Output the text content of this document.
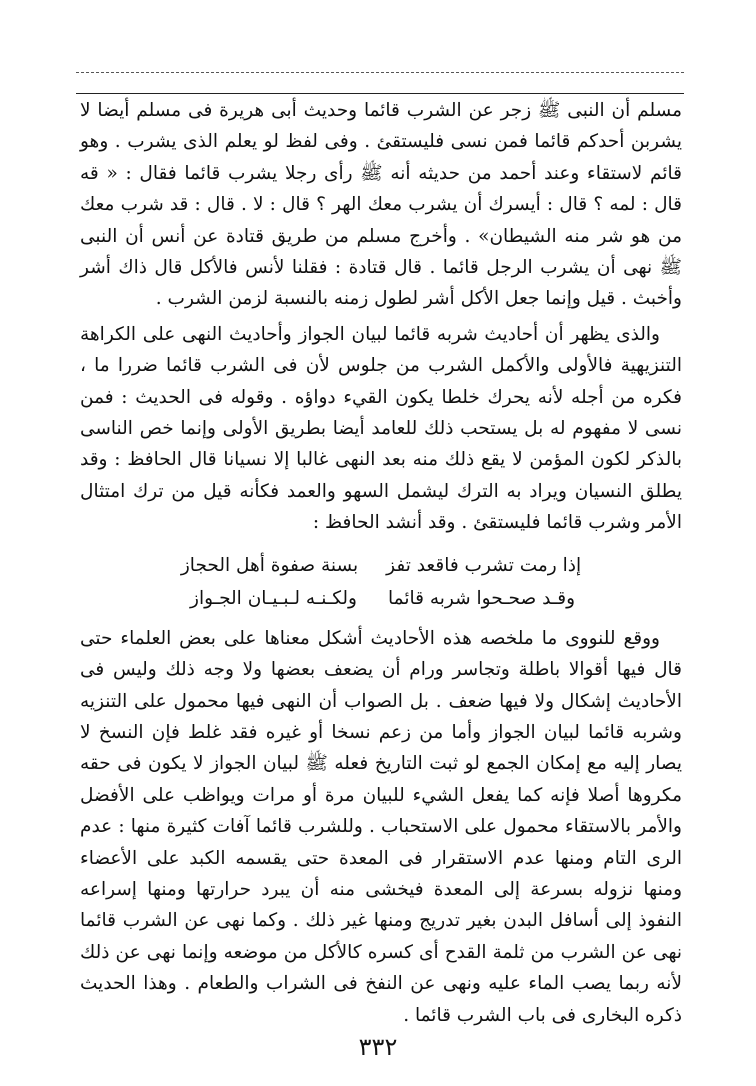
مسلم أن النبى ﷺ زجر عن الشرب قائما وحديث أبى هريرة فى مسلم أيضا لا يشربن أحدكم قائما فمن نسى فليستقئ . وفى لفظ لو يعلم الذى يشرب . وهو قائم لاستقاء وعند أحمد من حديثه أنه ﷺ رأى رجلا يشرب قائما فقال : « قه قال : لمه ؟ قال : أيسرك أن يشرب معك الهر ؟ قال : لا . قال : قد شرب معك من هو شر منه الشيطان» . وأخرج مسلم من طريق قتادة عن أنس أن النبى ﷺ نهى أن يشرب الرجل قائما . قال قتادة : فقلنا لأنس فالأكل قال ذاك أشر وأخبث . قيل وإنما جعل الأكل أشر لطول زمنه بالنسبة لزمن الشرب .

والذى يظهر أن أحاديث شربه قائما لبيان الجواز وأحاديث النهى على الكراهة التنزيهية فالأولى والأكمل الشرب من جلوس لأن فى الشرب قائما ضررا ما ، فكره من أجله لأنه يحرك خلطا يكون القيء دواؤه . وقوله فى الحديث : فمن نسى لا مفهوم له بل يستحب ذلك للعامد أيضا بطريق الأولى وإنما خص الناسى بالذكر لكون المؤمن لا يقع ذلك منه بعد النهى غالبا إلا نسيانا قال الحافظ : وقد يطلق النسيان ويراد به الترك ليشمل السهو والعمد فكأنه قيل من ترك امتثال الأمر وشرب قائما فليستقئ . وقد أنشد الحافظ :

إذا رمت تشرب فاقعد تفز
بسنة صفوة أهل الحجاز
وقـد صحـحوا شربه قائما
ولكـنـه لـبـيـان الجـواز

ووقع للنووى ما ملخصه هذه الأحاديث أشكل معناها على بعض العلماء حتى قال فيها أقوالا باطلة وتجاسر ورام أن يضعف بعضها ولا وجه ذلك وليس فى الأحاديث إشكال ولا فيها ضعف . بل الصواب أن النهى فيها محمول على التنزيه وشربه قائما لبيان الجواز وأما من زعم نسخا أو غيره فقد غلط فإن النسخ لا يصار إليه مع إمكان الجمع لو ثبت التاريخ فعله ﷺ لبيان الجواز لا يكون فى حقه مكروها أصلا فإنه كما يفعل الشيء للبيان مرة أو مرات ويواظب على الأفضل والأمر بالاستقاء محمول على الاستحباب . وللشرب قائما آفات كثيرة منها : عدم الرى التام ومنها عدم الاستقرار فى المعدة حتى يقسمه الكبد على الأعضاء ومنها نزوله بسرعة إلى المعدة فيخشى منه أن يبرد حرارتها ومنها إسراعه النفوذ إلى أسافل البدن بغير تدريج ومنها غير ذلك . وكما نهى عن الشرب قائما نهى عن الشرب من ثلمة القدح أى كسره كالأكل من موضعه وإنما نهى عن ذلك لأنه ربما يصب الماء عليه ونهى عن النفخ فى الشراب والطعام . وهذا الحديث ذكره البخارى فى باب الشرب قائما .

٣٣٢
